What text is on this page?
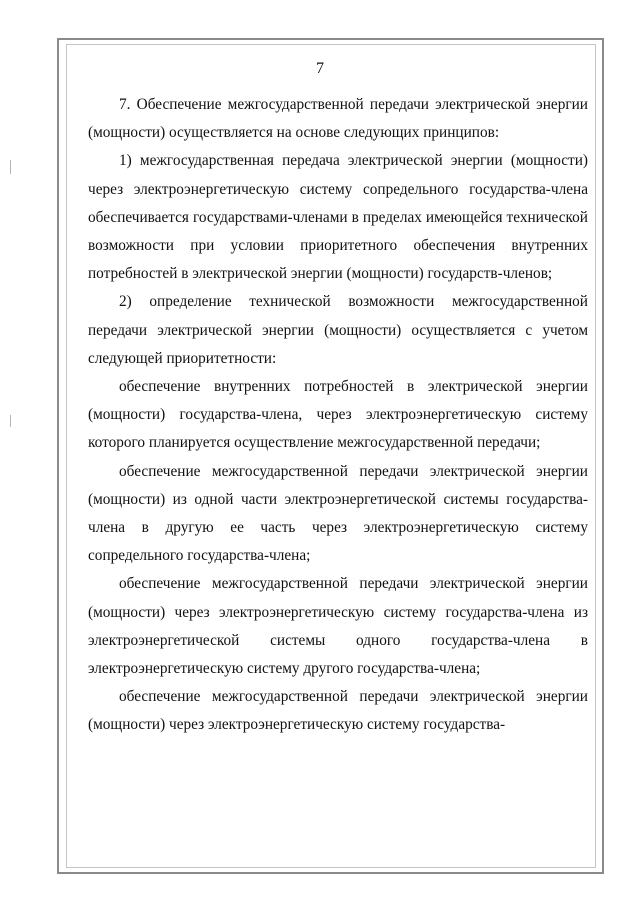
7

7. Обеспечение межгосударственной передачи электрической энергии (мощности) осуществляется на основе следующих принципов:

1) межгосударственная передача электрической энергии (мощности) через электроэнергетическую систему сопредельного государства-члена обеспечивается государствами-членами в пределах имеющейся технической возможности при условии приоритетного обеспечения внутренних потребностей в электрической энергии (мощности) государств-членов;

2) определение технической возможности межгосударственной передачи электрической энергии (мощности) осуществляется с учетом следующей приоритетности:

обеспечение внутренних потребностей в электрической энергии (мощности) государства-члена, через электроэнергетическую систему которого планируется осуществление межгосударственной передачи;

обеспечение межгосударственной передачи электрической энергии (мощности) из одной части электроэнергетической системы государства-члена в другую ее часть через электроэнергетическую систему сопредельного государства-члена;

обеспечение межгосударственной передачи электрической энергии (мощности) через электроэнергетическую систему государства-члена из электроэнергетической системы одного государства-члена в электроэнергетическую систему другого государства-члена;

обеспечение межгосударственной передачи электрической энергии (мощности) через электроэнергетическую систему государства-
